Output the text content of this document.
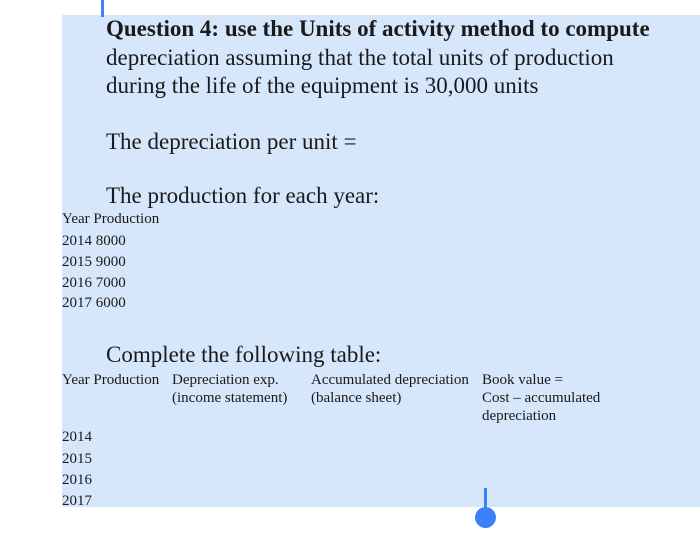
Question 4: use the Units of activity method to compute
depreciation assuming that the total units of production
during the life of the equipment is 30,000 units
The depreciation per unit =
The production for each year:
Year Production
2014 8000
2015 9000
2016 7000
2017 6000
Complete the following table:
Year Production Depreciation exp.
(income statement)
Accumulated depreciation
(balance sheet)
Book value =
Cost – accumulated
depreciation
2014
2015
2016
2017
